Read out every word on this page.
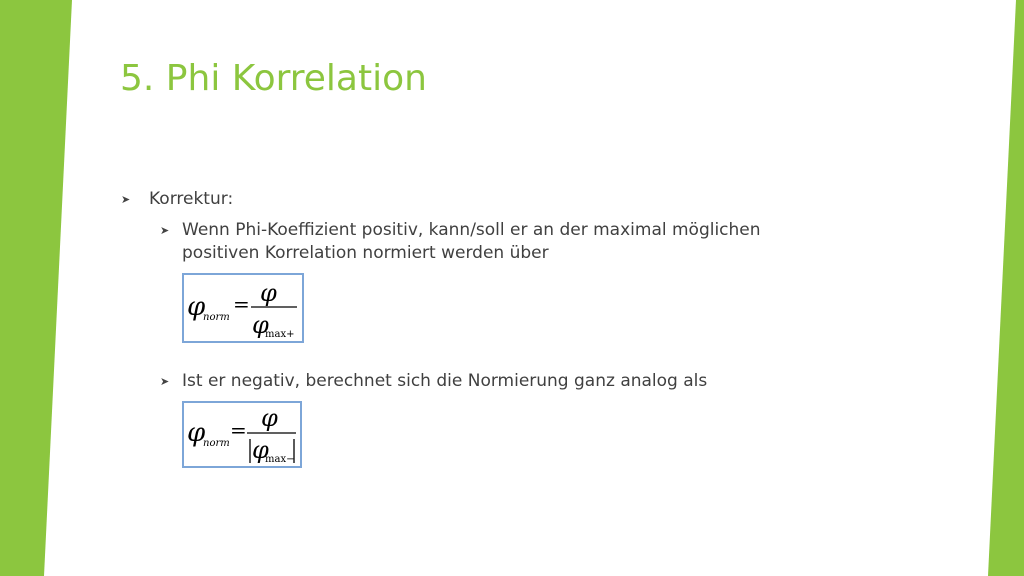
5. Phi Korrelation
➤ Korrektur:
➤ Wenn Phi-Koeffizient positiv, kann/soll er an der maximal möglichen
positiven Korrelation normiert werden über
φ
norm
= φ
φ
max+
➤ Ist er negativ, berechnet sich die Normierung ganz analog als
φ
norm
= φ
φ
max−
